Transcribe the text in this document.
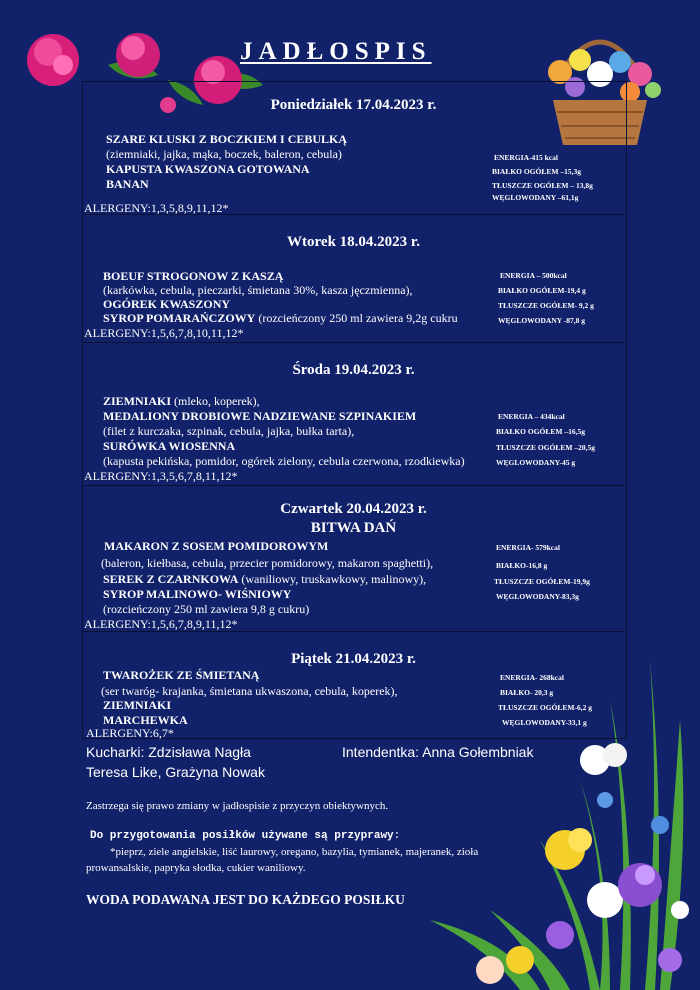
JADŁOSPIS
Poniedziałek 17.04.2023 r.
SZARE KLUSKI Z BOCZKIEM I CEBULKĄ
(ziemniaki, jajka, mąka, boczek, baleron, cebula)
KAPUSTA KWASZONA GOTOWANA
BANAN
ALERGENY:1,3,5,8,9,11,12*
ENERGIA-415 kcal
BIAŁKO OGÓŁEM –15,3g
TŁUSZCZE OGÓŁEM – 13,8g
WĘGLOWODANY –61,1g
Wtorek 18.04.2023 r.
BOEUF STROGONOW Z KASZĄ
(karkówka, cebula, pieczarki, śmietana 30%, kasza jęczmienna),
OGÓREK KWASZONY
SYROP POMARAŃCZOWY (rozcieńczony 250 ml zawiera 9,2g cukru
ALERGENY:1,5,6,7,8,10,11,12*
ENERGIA – 500kcal
BIAŁKO OGÓŁEM-19,4 g
TŁUSZCZE OGÓŁEM- 9,2 g
WĘGLOWODANY -87,8 g
Środa 19.04.2023 r.
ZIEMNIAKI (mleko, koperek),
MEDALIONY DROBIOWE NADZIEWANE SZPINAKIEM
(filet z kurczaka, szpinak, cebula, jajka, bułka tarta),
SURÓWKA WIOSENNA
(kapusta pekińska, pomidor, ogórek zielony, cebula czerwona, rzodkiewka)
ALERGENY:1,3,5,6,7,8,11,12*
ENERGIA – 434kcal
BIAŁKO OGÓŁEM –16,5g
TŁUSZCZE OGÓŁEM –20,5g
WĘGLOWODANY-45 g
Czwartek 20.04.2023 r.
BITWA DAŃ
MAKARON Z SOSEM POMIDOROWYM
(baleron, kiełbasa, cebula, przecier pomidorowy, makaron spaghetti),
SEREK Z CZARNKOWA (waniliowy, truskawkowy, malinowy),
SYROP MALINOWO- WIŚNIOWY
(rozcieńczony 250 ml zawiera 9,8 g cukru)
ALERGENY:1,5,6,7,8,9,11,12*
ENERGIA- 579kcal
BIAŁKO-16,8 g
TŁUSZCZE OGÓŁEM-19,9g
WĘGLOWODANY-83,3g
Piątek 21.04.2023 r.
TWAROŻEK ZE ŚMIETANĄ
(ser twaróg- krajanka, śmietana ukwaszona, cebula, koperek),
ZIEMNIAKI
MARCHEWKA
ALERGENY:6,7*
ENERGIA- 268kcal
BIAŁKO- 20,3 g
TŁUSZCZE OGÓŁEM-6,2 g
WĘGLOWODANY-33,1 g
Kucharki: Zdzisława Nagła
Teresa Like, Grażyna Nowak
Intendentka: Anna Gołembniak
Zastrzega się prawo zmiany w jadłospisie z przyczyn obiektywnych.
Do przygotowania posiłków używane są przyprawy:
*pieprz, ziele angielskie, liść laurowy, oregano, bazylia, tymianek, majeranek, zioła
prowansalskie, papryka słodka, cukier waniliowy.
WODA PODAWANA JEST DO KAŻDEGO POSIŁKU
